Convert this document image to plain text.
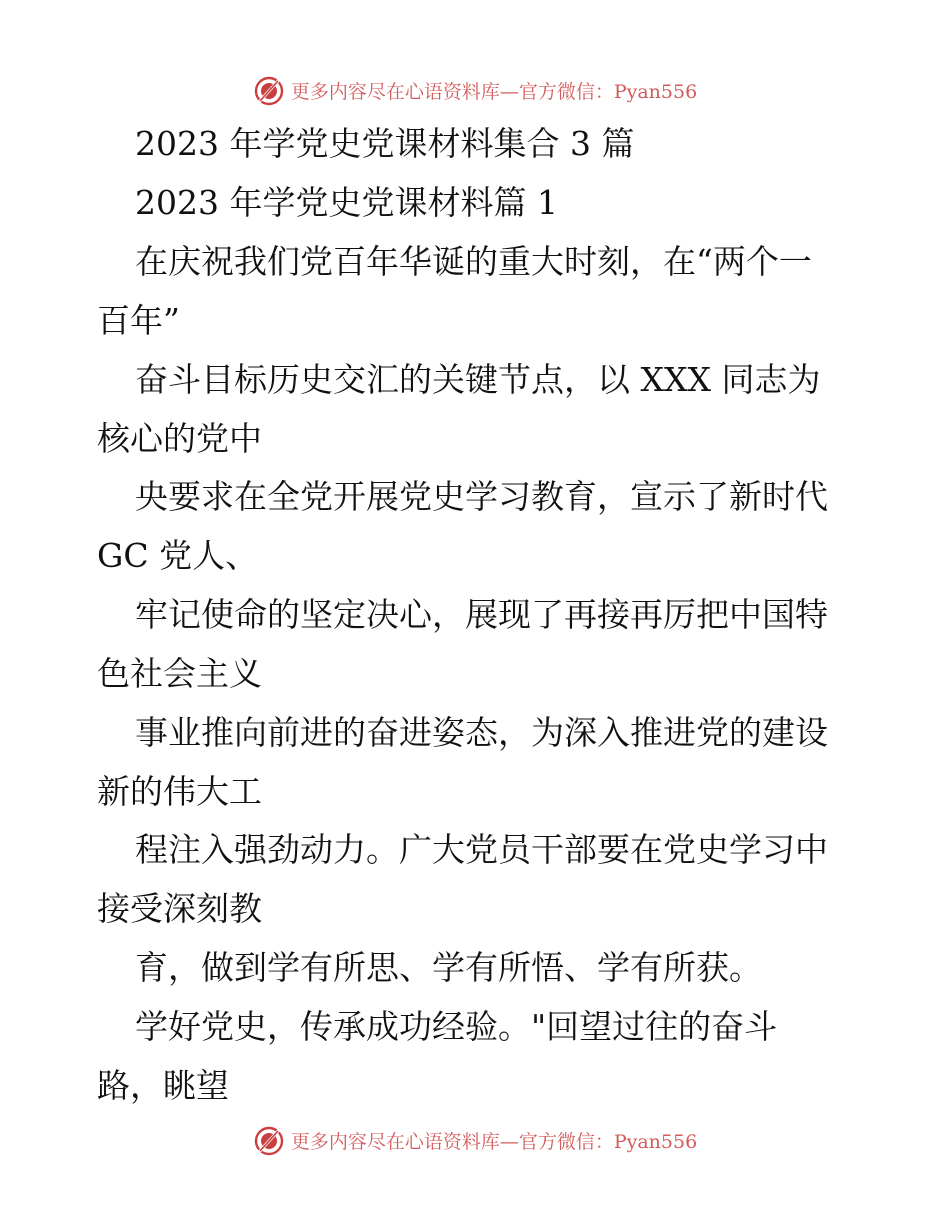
更多内容尽在心语资料库—官方微信：Pyan556
2023 年学党史党课材料集合 3 篇
2023 年学党史党课材料篇 1
在庆祝我们党百年华诞的重大时刻，在“两个一
百年”
奋斗目标历史交汇的关键节点，以 XXX 同志为
核心的党中
央要求在全党开展党史学习教育，宣示了新时代
GC 党人、
牢记使命的坚定决心，展现了再接再厉把中国特
色社会主义
事业推向前进的奋进姿态，为深入推进党的建设
新的伟大工
程注入强劲动力。广大党员干部要在党史学习中
接受深刻教
育，做到学有所思、学有所悟、学有所获。
学好党史，传承成功经验。"回望过往的奋斗
路，眺望
更多内容尽在心语资料库—官方微信：Pyan556
